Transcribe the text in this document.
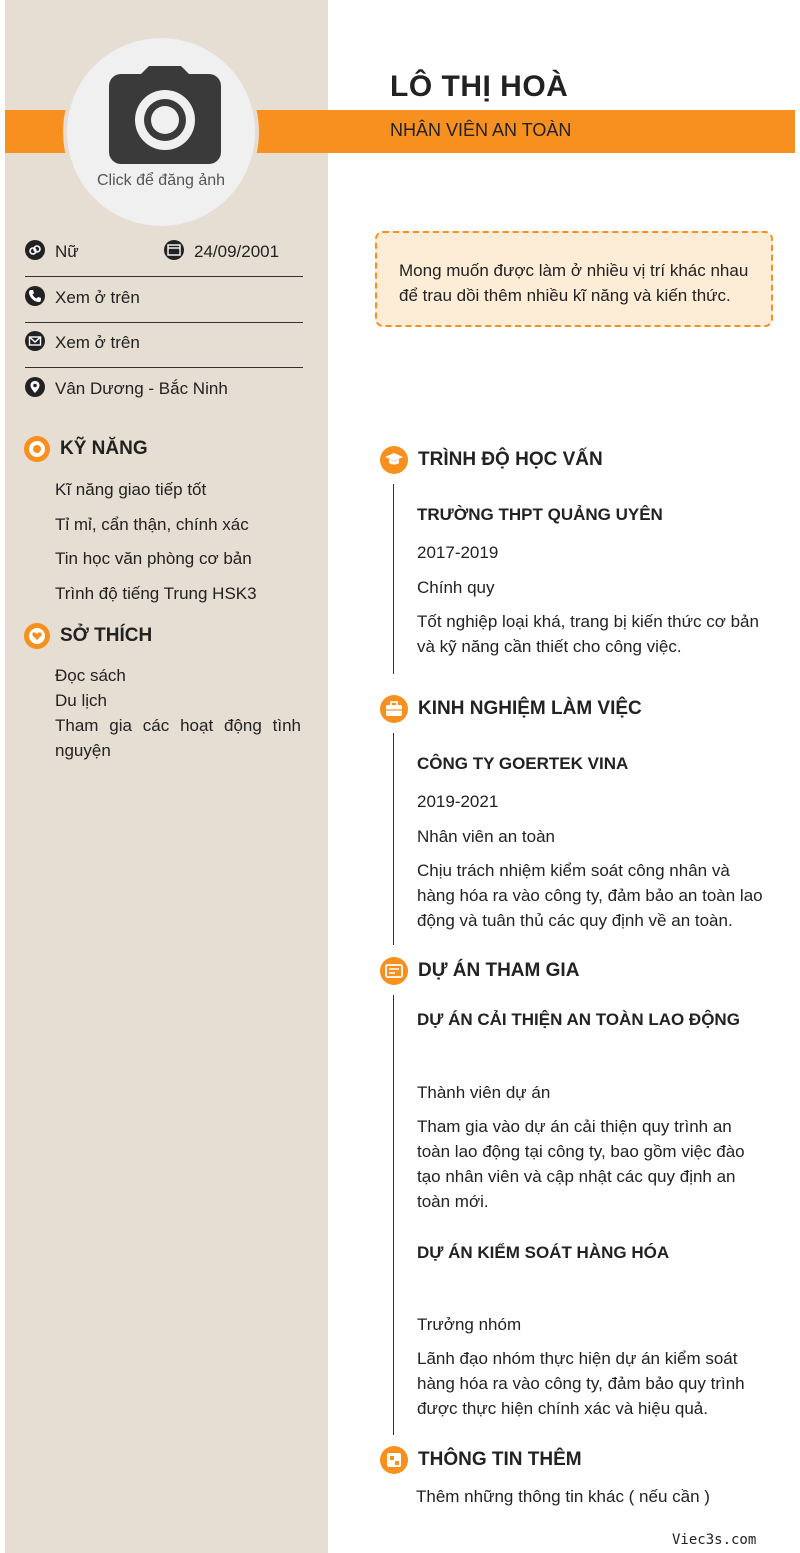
Click để đăng ảnh
LÔ THỊ HOÀ
NHÂN VIÊN AN TOÀN
Nữ	24/09/2001
Xem ở trên
Xem ở trên
Vân Dương - Bắc Ninh
KỸ NĂNG
Kĩ năng giao tiếp tốt
Tỉ mỉ, cẩn thận, chính xác
Tin học văn phòng cơ bản
Trình độ tiếng Trung HSK3
SỞ THÍCH
Đọc sách
Du lịch
Tham gia các hoạt động tình nguyện
Mong muốn được làm ở nhiều vị trí khác nhau để trau dồi thêm nhiều kĩ năng và kiến thức.
TRÌNH ĐỘ HỌC VẤN
TRƯỜNG THPT QUẢNG UYÊN
2017-2019
Chính quy
Tốt nghiệp loại khá, trang bị kiến thức cơ bản và kỹ năng cần thiết cho công việc.
KINH NGHIỆM LÀM VIỆC
CÔNG TY GOERTEK VINA
2019-2021
Nhân viên an toàn
Chịu trách nhiệm kiểm soát công nhân và hàng hóa ra vào công ty, đảm bảo an toàn lao động và tuân thủ các quy định về an toàn.
DỰ ÁN THAM GIA
DỰ ÁN CẢI THIỆN AN TOÀN LAO ĐỘNG
Thành viên dự án
Tham gia vào dự án cải thiện quy trình an toàn lao động tại công ty, bao gồm việc đào tạo nhân viên và cập nhật các quy định an toàn mới.
DỰ ÁN KIỂM SOÁT HÀNG HÓA
Trưởng nhóm
Lãnh đạo nhóm thực hiện dự án kiểm soát hàng hóa ra vào công ty, đảm bảo quy trình được thực hiện chính xác và hiệu quả.
THÔNG TIN THÊM
Thêm những thông tin khác ( nếu cần )
Viec3s.com
